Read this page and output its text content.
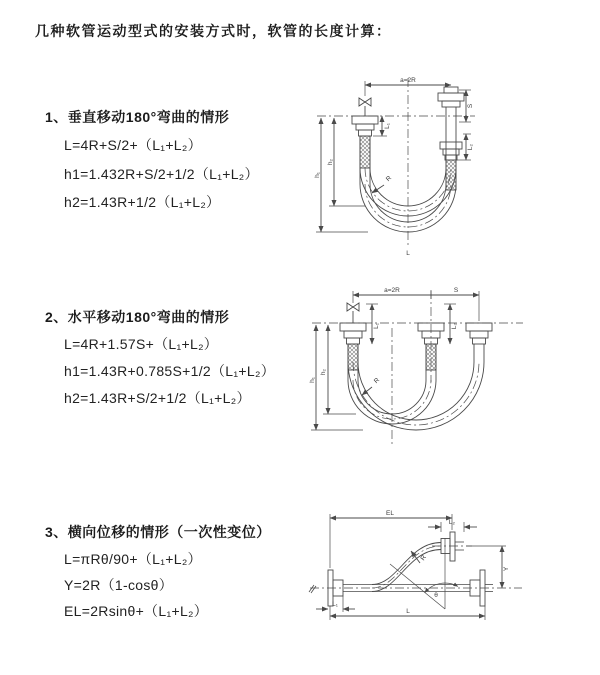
几种软管运动型式的安装方式时，软管的长度计算：
1、垂直移动180°弯曲的情形
L=4R+S/2+（L₁+L₂）
h1=1.432R+S/2+1/2（L₁+L₂）
h2=1.43R+1/2（L₁+L₂）
2、水平移动180°弯曲的情形
L=4R+1.57S+（L₁+L₂）
h1=1.43R+0.785S+1/2（L₁+L₂）
h2=1.43R+S/2+1/2（L₁+L₂）
3、横向位移的情形（一次性变位）
L=πRθ/90+（L₁+L₂）
Y=2R（1-cosθ）
EL=2Rsinθ+（L₁+L₂）
a=2R
S
L₁
L₂
h₁
h₂
R
L
a=2R	S
L₁	L₂
h₁
h₂
R
EL
L₂
Y
R
θ
L
L₁
